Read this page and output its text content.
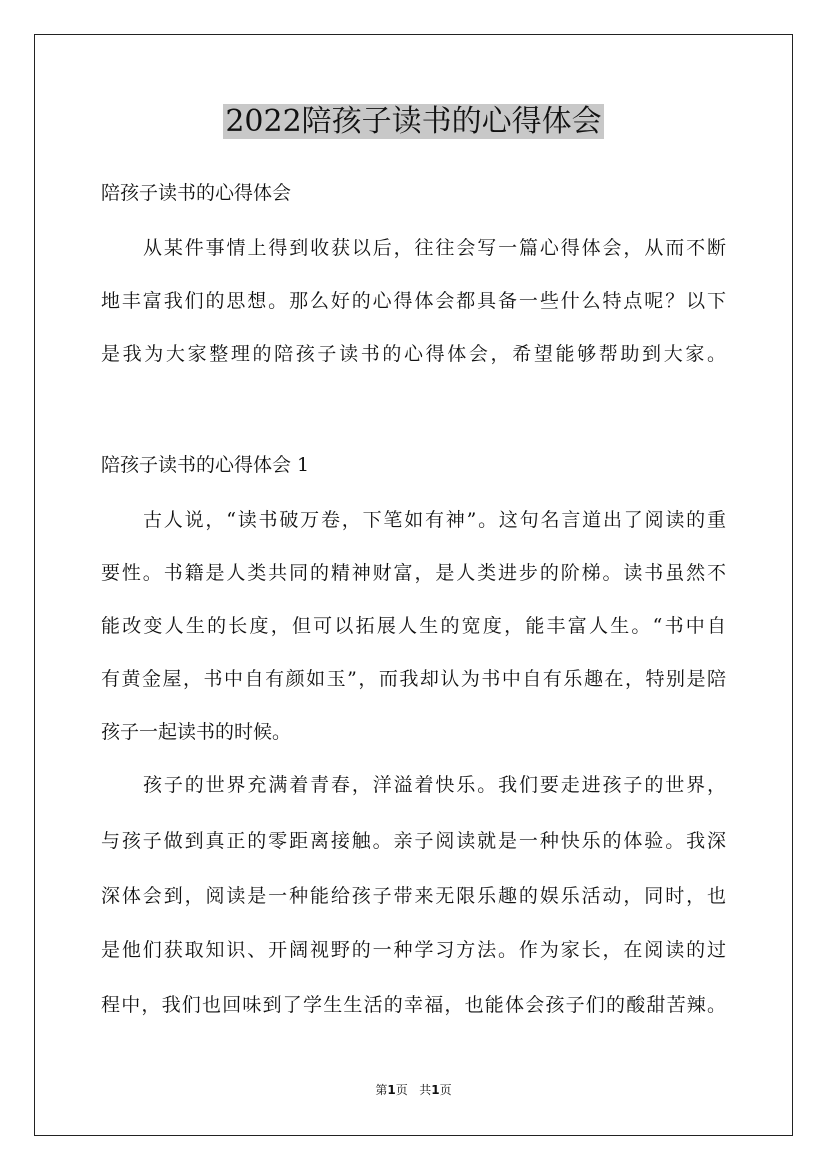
2022陪孩子读书的心得体会
陪孩子读书的心得体会
从某件事情上得到收获以后，往往会写一篇心得体会，从而不断
地丰富我们的思想。那么好的心得体会都具备一些什么特点呢？以下
是我为大家整理的陪孩子读书的心得体会，希望能够帮助到大家。
陪孩子读书的心得体会 1
古人说，“读书破万卷，下笔如有神”。这句名言道出了阅读的重
要性。书籍是人类共同的精神财富，是人类进步的阶梯。读书虽然不
能改变人生的长度，但可以拓展人生的宽度，能丰富人生。“书中自
有黄金屋，书中自有颜如玉”，而我却认为书中自有乐趣在，特别是陪
孩子一起读书的时候。
孩子的世界充满着青春，洋溢着快乐。我们要走进孩子的世界，
与孩子做到真正的零距离接触。亲子阅读就是一种快乐的体验。我深
深体会到，阅读是一种能给孩子带来无限乐趣的娱乐活动，同时，也
是他们获取知识、开阔视野的一种学习方法。作为家长，在阅读的过
程中，我们也回味到了学生生活的幸福，也能体会孩子们的酸甜苦辣。
第1页 共1页
